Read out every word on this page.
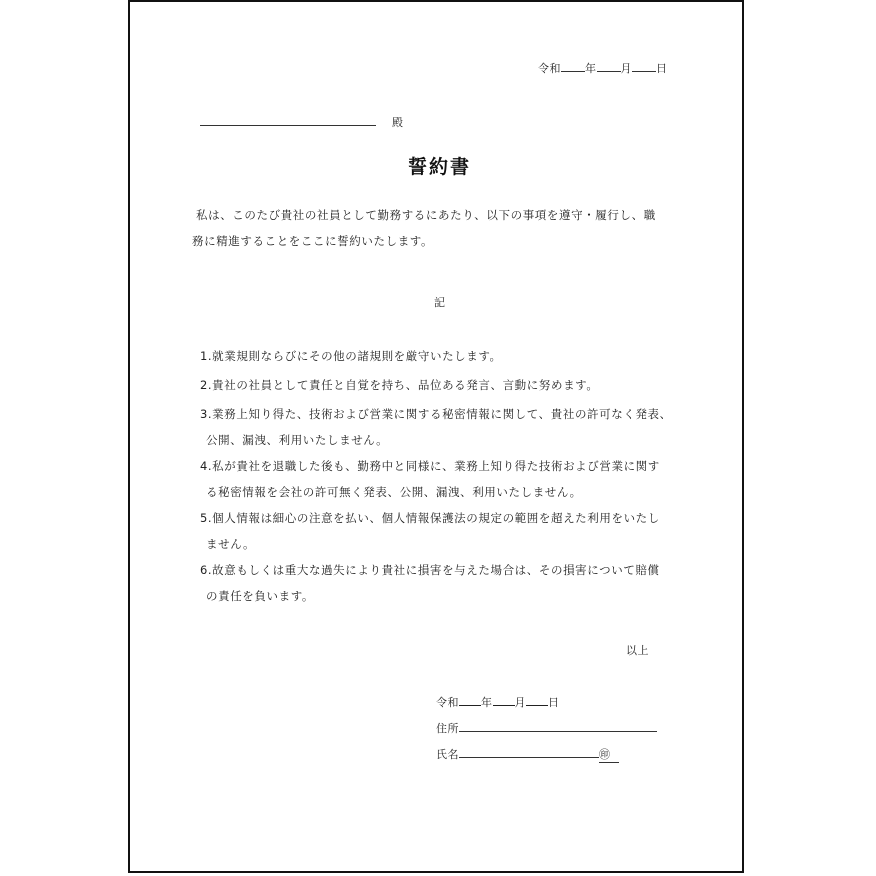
令和 年 月 日
殿
誓約書
私は、このたび貴社の社員として勤務するにあたり、以下の事項を遵守・履行し、職
務に精進することをここに誓約いたします。
記
1.就業規則ならびにその他の諸規則を厳守いたします。
2.貴社の社員として責任と自覚を持ち、品位ある発言、言動に努めます。
3.業務上知り得た、技術および営業に関する秘密情報に関して、貴社の許可なく発表、
公開、漏洩、利用いたしません。
4.私が貴社を退職した後も、勤務中と同様に、業務上知り得た技術および営業に関す
る秘密情報を会社の許可無く発表、公開、漏洩、利用いたしません。
5.個人情報は細心の注意を払い、個人情報保護法の規定の範囲を超えた利用をいたし
ません。
6.故意もしくは重大な過失により貴社に損害を与えた場合は、その損害について賠償
の責任を負います。
以上
令和 年 月 日
住所
氏名	㊞
